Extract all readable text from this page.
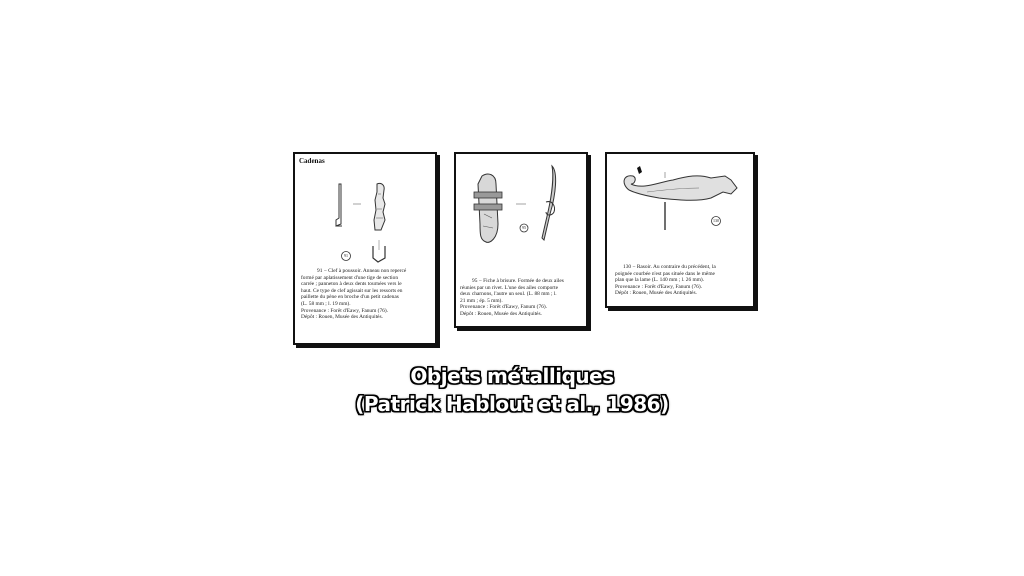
Cadenas
91

91 − Clef à poussoir. Anneau non repercé

formé par aplatissement d'une tige de section

carrée ; panneton à deux dents tournées vers le

haut. Ce type de clef agissait sur les ressorts en

paillette du pène en broche d'un petit cadenas

(L. 58 mm ; l. 19 mm).

Provenance : Forêt d'Eawy, Fanum (76).

Dépôt : Rouen, Musée des Antiquités.

95

95 − Fiche à brisure. Formée de deux ailes

réunies par un rivet. L'une des ailes comporte

deux charnons, l'autre un seul. (L. 88 mm ; l.

21 mm ; ép. 5 mm).

Provenance : Forêt d'Eawy, Fanum (76).

Dépôt : Rouen, Musée des Antiquités.

130

130 − Rasoir. Au contraire du précédent, la

poignée courbée n'est pas située dans le même

plan que la lame (L. 140 mm ; l. 26 mm).

Provenance : Forêt d'Eawy, Fanum (76).

Dépôt : Rouen, Musée des Antiquités.

Objets métalliques
(Patrick Hablout et al., 1986)
